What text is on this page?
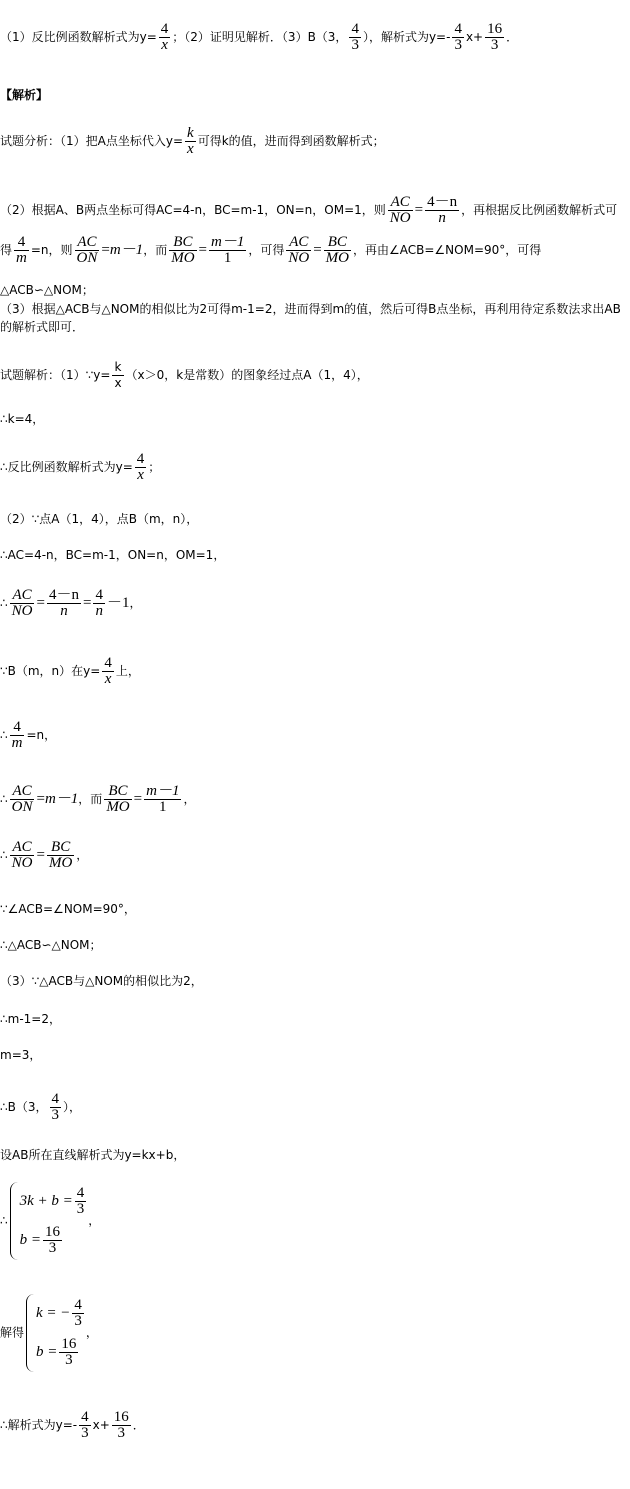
（1）反比例函数解析式为$y= \frac{4}{x}$ ；（2）证明见解析．（3）B（3， $\frac{4}{3}$ ），解析式为$y=- \frac{4}{3} x+ \frac{16}{3}$ ．
【解析】
试题分析：（1）把A点坐标代入$y= \frac{k}{x}$ 可得k的值，进而得到函数解析式；
（2）根据A、B两点坐标可得AC=4-n，BC=m-1，ON=n，OM=1，则 $\frac{AC}{NO} = \frac{4-n}{n}$ ，再根据反比例函数解析式可得 $\frac{4}{m} =n$，则 $\frac{AC}{ON} =m-1$，而 $\frac{BC}{MO} = \frac{m-1}{1}$ ，可得 $\frac{AC}{NO} = \frac{BC}{MO}$ ，再由∠ACB=∠NOM=90°，可得△ACB∽△NOM；
（3）根据△ACB与△NOM的相似比为2可得m-1=2，进而得到m的值，然后可得B点坐标，再利用待定系数法求出AB的解析式即可．
试题解析：（1）∵y= $\frac{k}{x} (x>0$，k是常数）的图象经过点A（1，4），
∴k=4，
∴反比例函数解析式为$y= \frac{4}{x}$ ；
（2）∵点A（1，4），点B（m，n），
∴AC=4-n，BC=m-1，ON=n，OM=1，
∴ $\frac{AC}{NO} = \frac{4-n}{n} = \frac{4}{n} -1$，
∵B（m，n）在$y= \frac{4}{x}$ 上，
∴ $\frac{4}{m} =n$，
∴ $\frac{AC}{ON} =m-1$，而 $\frac{BC}{MO} = \frac{m-1}{1}$ ，
∴ $\frac{AC}{NO} = \frac{BC}{MO}$ ，
∵∠ACB=∠NOM=90°，
∴△ACB∽△NOM；
（3）∵△ACB与△NOM的相似比为2，
∴m-1=2，
m=3，
∴B（3， $\frac{4}{3}$ ），
设AB所在直线解析式为y=kx+b，
∴
$3k + b = \frac{4}{3}$
$b = \frac{16}{3}$
，
解得
k = − $\frac{4}{3}$
$b = \frac{16}{3}$
，
∴解析式为$y=- \frac{4}{3} x+ \frac{16}{3}$ ．
